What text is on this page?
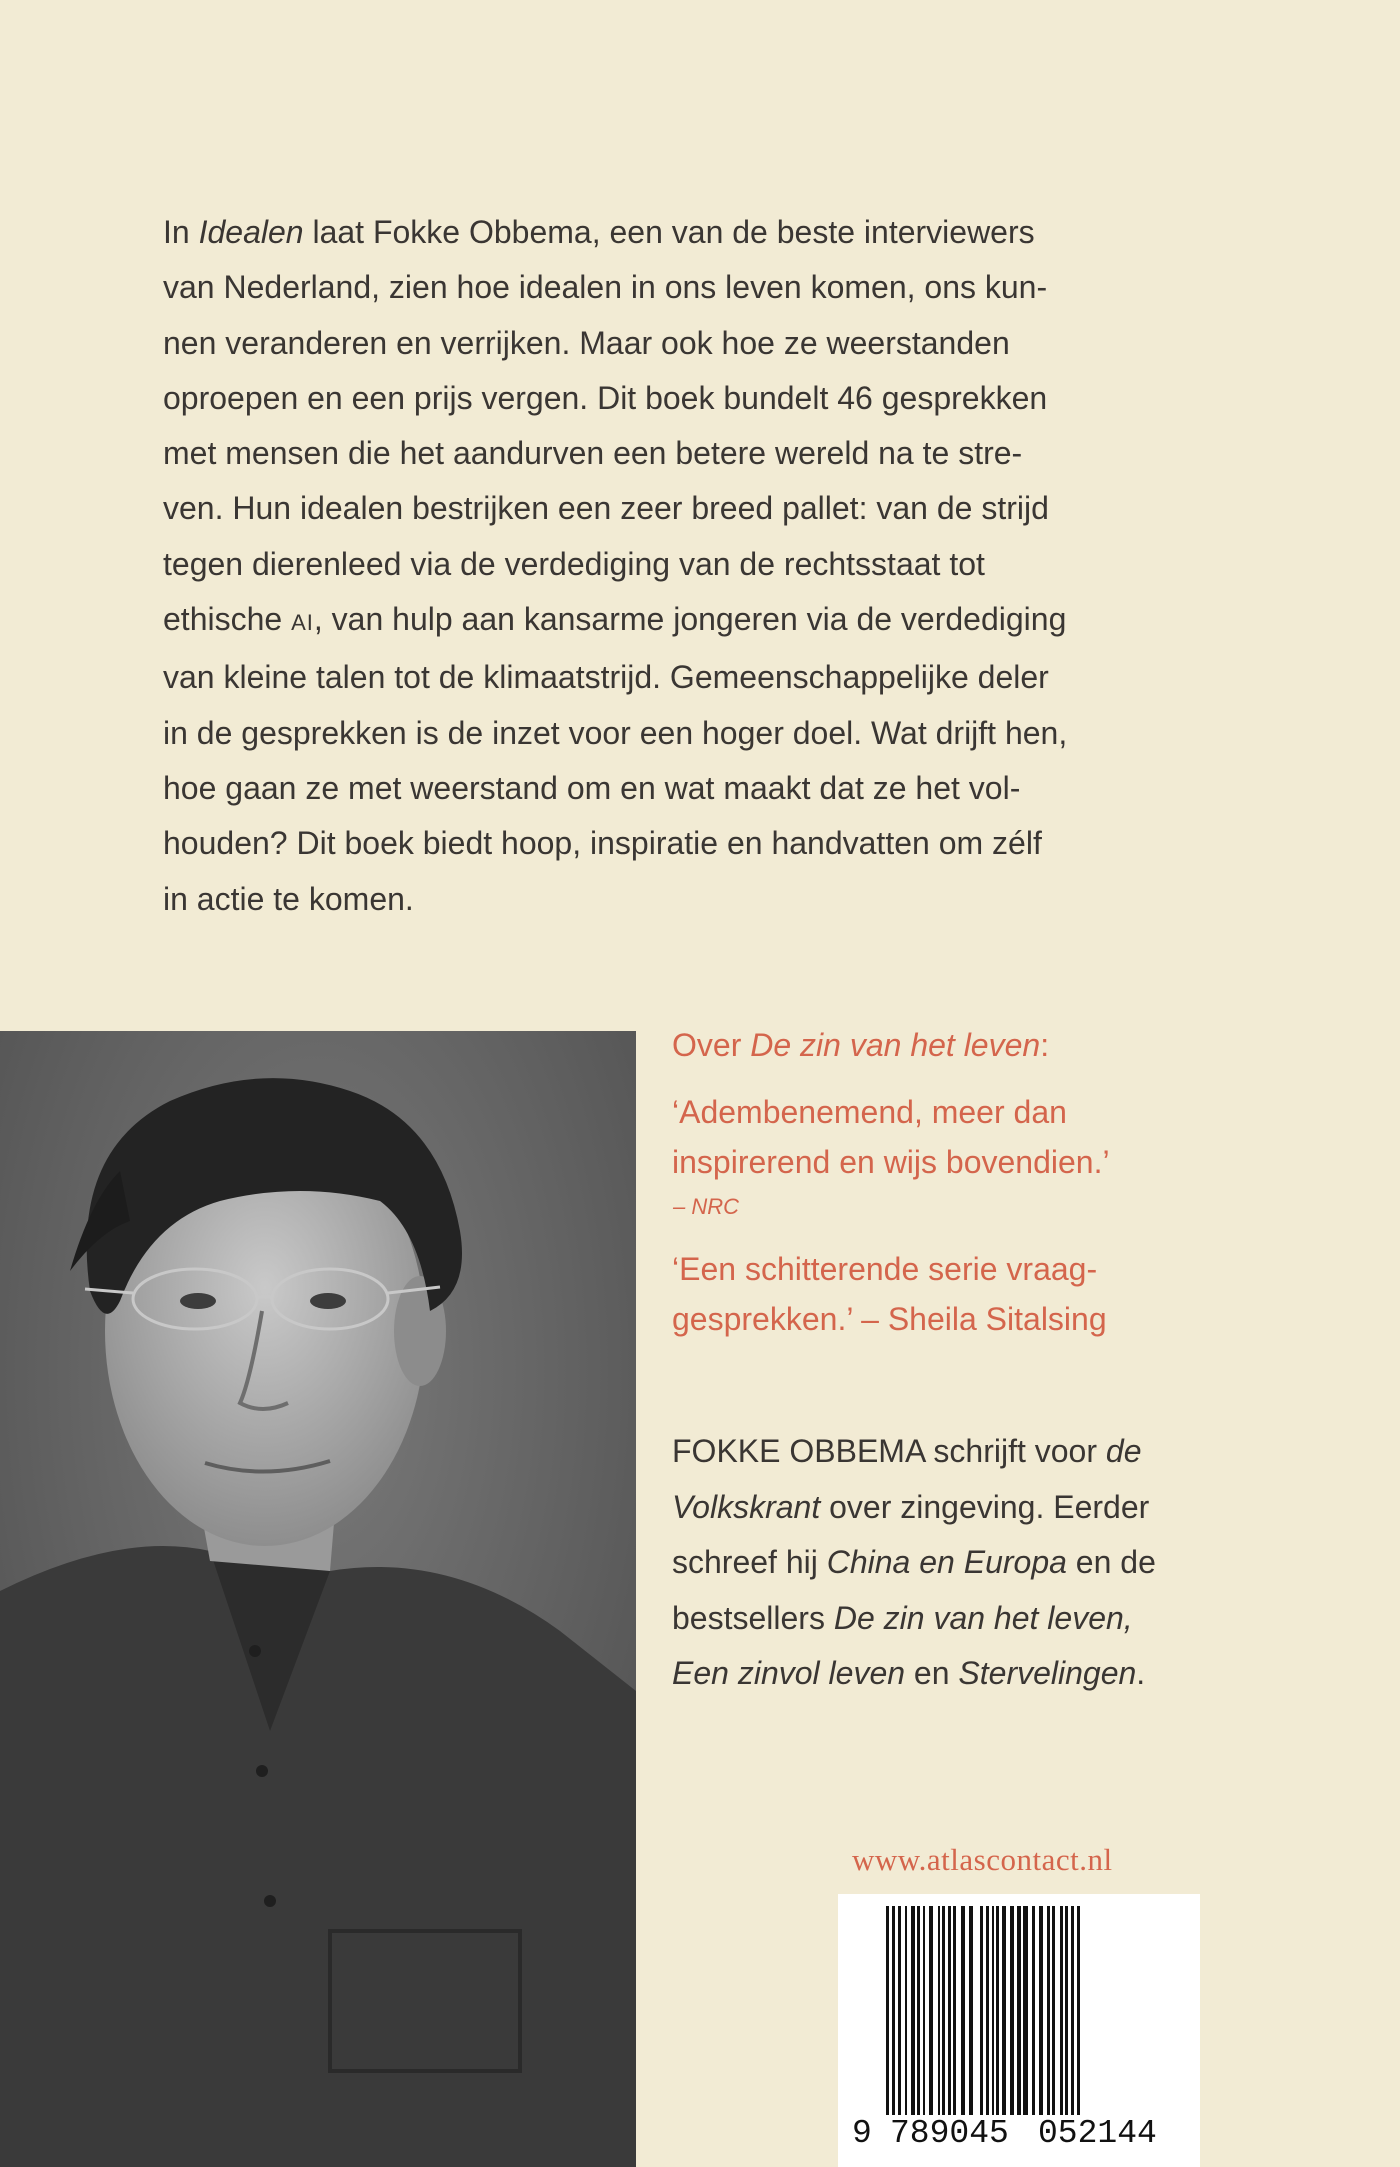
In Idealen laat Fokke Obbema, een van de beste interviewers

van Nederland, zien hoe idealen in ons leven komen, ons kun-

nen veranderen en verrijken. Maar ook hoe ze weerstanden

oproepen en een prijs vergen. Dit boek bundelt 46 gesprekken

met mensen die het aandurven een betere wereld na te stre-

ven. Hun idealen bestrijken een zeer breed pallet: van de strijd

tegen dierenleed via de verdediging van de rechtsstaat tot

ethische AI, van hulp aan kansarme jongeren via de verdediging

van kleine talen tot de klimaatstrijd. Gemeenschappelijke deler

in de gesprekken is de inzet voor een hoger doel. Wat drijft hen,

hoe gaan ze met weerstand om en wat maakt dat ze het vol-

houden? Dit boek biedt hoop, inspiratie en handvatten om zélf

in actie te komen.

Over De zin van het leven:

‘Adembenemend, meer dan

inspirerend en wijs bovendien.’

– NRC

‘Een schitterende serie vraag-

gesprekken.’ – Sheila Sitalsing

FOKKE OBBEMA schrijft voor de

Volkskrant over zingeving. Eerder

schreef hij China en Europa en de

bestsellers De zin van het leven,

Een zinvol leven en Stervelingen.

www.atlascontact.nl
9 789045 052144
